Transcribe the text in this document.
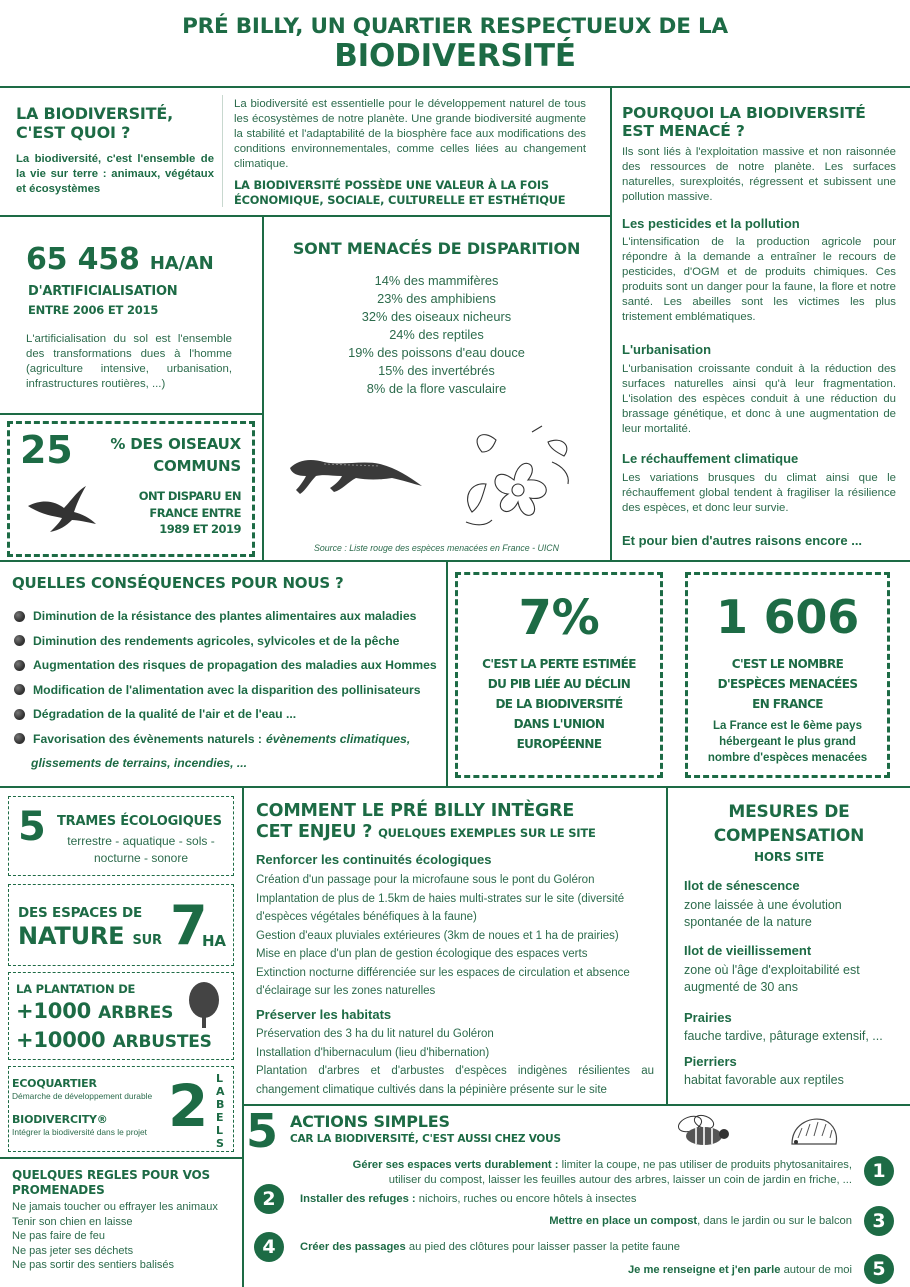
PRÉ BILLY, UN QUARTIER RESPECTUEUX DE LA
BIODIVERSITÉ
LA BIODIVERSITÉ,
C'EST QUOI ?
La biodiversité, c'est l'ensemble de la vie sur terre : animaux, végétaux et écosystèmes
La biodiversité est essentielle pour le développement naturel de tous les écosystèmes de notre planète. Une grande biodiversité augmente la stabilité et l'adaptabilité de la biosphère face aux modifications des conditions environnementales, comme celles liées au changement climatique.
LA BIODIVERSITÉ POSSÈDE UNE VALEUR À LA FOIS ÉCONOMIQUE, SOCIALE, CULTURELLE ET ESTHÉTIQUE
POURQUOI LA BIODIVERSITÉ
EST MENACÉ ?
Ils sont liés à l'exploitation massive et non raisonnée des ressources de notre planète. Les surfaces naturelles, surexploités, régressent et subissent une pollution massive.
Les pesticides et la pollution
L'intensification de la production agricole pour répondre à la demande a entraîner le recours de pesticides, d'OGM et de produits chimiques. Ces produits sont un danger pour la faune, la flore et notre santé. Les abeilles sont les victimes les plus tristement emblématiques.
L'urbanisation
L'urbanisation croissante conduit à la réduction des surfaces naturelles ainsi qu'à leur fragmentation. L'isolation des espèces conduit à une réduction du brassage génétique, et donc à une augmentation de leur mortalité.
Le réchauffement climatique
Les variations brusques du climat ainsi que le réchauffement global tendent à fragiliser la résilience des espèces, et donc leur survie.
Et pour bien d'autres raisons encore ...
65 458 HA/AN
D'ARTIFICIALISATION
ENTRE 2006 ET 2015
L'artificialisation du sol est l'ensemble des transformations dues à l'homme (agriculture intensive, urbanisation, infrastructures routières, ...)
25	% DES OISEAUX
COMMUNS
ONT DISPARU EN
FRANCE ENTRE
1989 ET 2019
SONT MENACÉS DE DISPARITION
14% des mammifères
23% des amphibiens
32% des oiseaux nicheurs
24% des reptiles
19% des poissons d'eau douce
15% des invertébrés
8% de la flore vasculaire
Source : Liste rouge des espèces menacées en France - UICN
QUELLES CONSÉQUENCES POUR NOUS ?
Diminution de la résistance des plantes alimentaires aux maladies
Diminution des rendements agricoles, sylvicoles et de la pêche
Augmentation des risques de propagation des maladies aux Hommes
Modification de l'alimentation avec la disparition des pollinisateurs
Dégradation de la qualité de l'air et de l'eau ...
Favorisation des évènements naturels : évènements climatiques,
glissements de terrains, incendies, ...
7%
C'EST LA PERTE ESTIMÉE
DU PIB LIÉE AU DÉCLIN
DE LA BIODIVERSITÉ
DANS L'UNION
EUROPÉENNE
1 606
C'EST LE NOMBRE
D'ESPÈCES MENACÉES
EN FRANCE
La France est le 6ème pays hébergeant le plus grand nombre d'espèces menacées
5 TRAMES ÉCOLOGIQUES
terrestre - aquatique - sols -
nocturne - sonore
DES ESPACES DE
NATURE SUR 7
HA
LA PLANTATION DE
+1000 ARBRES
+10000 ARBUSTES
ECOQUARTIER
Démarche de développement durable
BIODIVERCITY®
Intégrer la biodiversité dans le projet 2 LABELS
QUELQUES REGLES POUR VOS
PROMENADES
Ne jamais toucher ou effrayer les animaux
Tenir son chien en laisse
Ne pas faire de feu
Ne pas jeter ses déchets
Ne pas sortir des sentiers balisés
COMMENT LE PRÉ BILLY INTÈGRE
CET ENJEU ? QUELQUES EXEMPLES SUR LE SITE
Renforcer les continuités écologiques
Création d'un passage pour la microfaune sous le pont du Goléron
Implantation de plus de 1.5km de haies multi-strates sur le site (diversité
d'espèces végétales bénéfiques à la faune)
Gestion d'eaux pluviales extérieures (3km de noues et 1 ha de prairies)
Mise en place d'un plan de gestion écologique des espaces verts
Extinction nocturne différenciée sur les espaces de circulation et absence
d'éclairage sur les zones naturelles
Préserver les habitats
Préservation des 3 ha du lit naturel du Goléron
Installation d'hibernaculum (lieu d'hibernation)
Plantation d'arbres et d'arbustes d'espèces indigènes résilientes au changement climatique cultivés dans la pépinière présente sur le site
MESURES DE
COMPENSATION
HORS SITE
Ilot de sénescence
zone laissée à une évolution spontanée de la nature
Ilot de vieillissement
zone où l'âge d'exploitabilité est augmenté de 30 ans
Prairies
fauche tardive, pâturage extensif, ...
Pierriers
habitat favorable aux reptiles
5 ACTIONS SIMPLES
CAR LA BIODIVERSITÉ, C'EST AUSSI CHEZ VOUS
Gérer ses espaces verts durablement : limiter la coupe, ne pas utiliser de produits phytosanitaires,
utiliser du compost, laisser les feuilles autour des arbres, laisser un coin de jardin en friche, ...	1
2	Installer des refuges : nichoirs, ruches ou encore hôtels à insectes
Mettre en place un compost, dans le jardin ou sur le balcon	3
4	Créer des passages au pied des clôtures pour laisser passer la petite faune
Je me renseigne et j'en parle autour de moi	5
